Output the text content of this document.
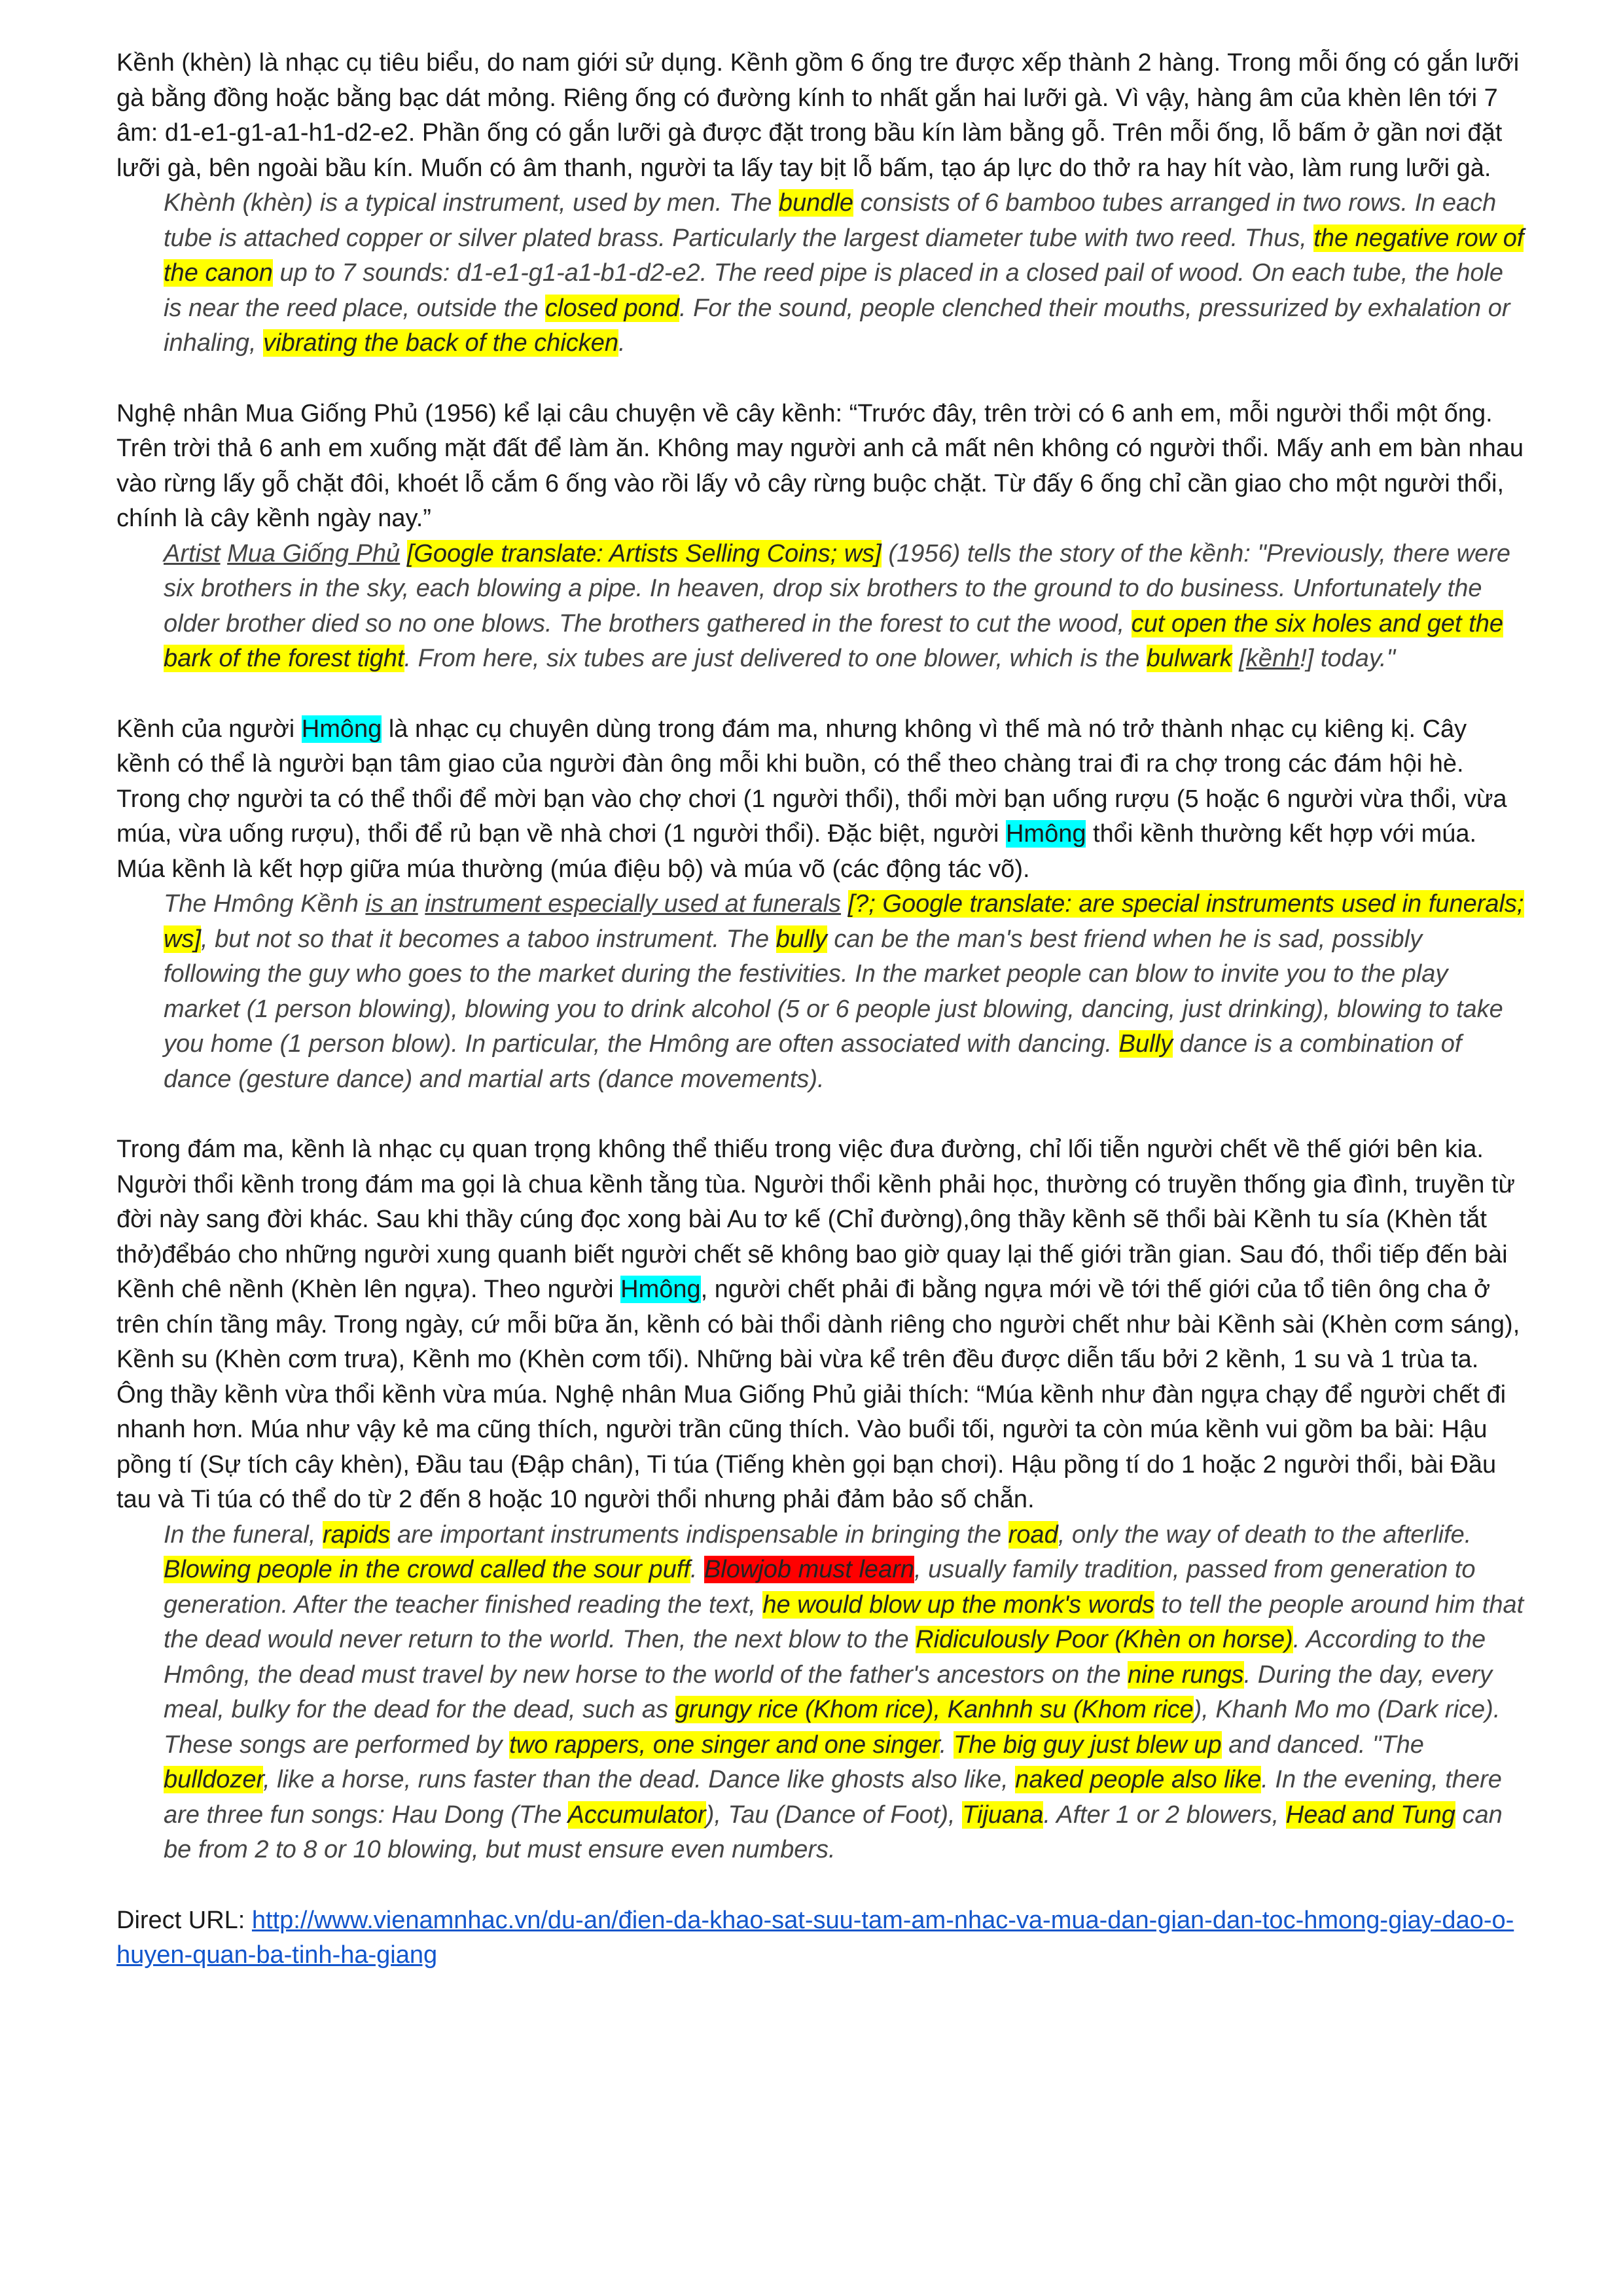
Kềnh (khèn) là nhạc cụ tiêu biểu, do nam giới sử dụng. Kềnh gồm 6 ống tre được xếp thành 2 hàng. Trong mỗi ống có gắn lưỡi gà bằng đồng hoặc bằng bạc dát mỏng. Riêng ống có đường kính to nhất gắn hai lưỡi gà. Vì vậy, hàng âm của khèn lên tới 7 âm: d1-e1-g1-a1-h1-d2-e2. Phần ống có gắn lưỡi gà được đặt trong bầu kín làm bằng gỗ. Trên mỗi ống, lỗ bấm ở gần nơi đặt lưỡi gà, bên ngoài bầu kín. Muốn có âm thanh, người ta lấy tay bịt lỗ bấm, tạo áp lực do thở ra hay hít vào, làm rung lưỡi gà.

Khènh (khèn) is a typical instrument, used by men. The bundle consists of 6 bamboo tubes arranged in two rows. In each tube is attached copper or silver plated brass. Particularly the largest diameter tube with two reed. Thus, the negative row of the canon up to 7 sounds: d1-e1-g1-a1-b1-d2-e2. The reed pipe is placed in a closed pail of wood. On each tube, the hole is near the reed place, outside the closed pond. For the sound, people clenched their mouths, pressurized by exhalation or inhaling, vibrating the back of the chicken.

Nghệ nhân Mua Giống Phủ (1956) kể lại câu chuyện về cây kềnh: “Trước đây, trên trời có 6 anh em, mỗi người thổi một ống. Trên trời thả 6 anh em xuống mặt đất để làm ăn. Không may người anh cả mất nên không có người thổi. Mấy anh em bàn nhau vào rừng lấy gỗ chặt đôi, khoét lỗ cắm 6 ống vào rồi lấy vỏ cây rừng buộc chặt. Từ đấy 6 ống chỉ cần giao cho một người thổi, chính là cây kềnh ngày nay.”

Artist Mua Giống Phủ [Google translate: Artists Selling Coins; ws] (1956) tells the story of the kềnh: "Previously, there were six brothers in the sky, each blowing a pipe. In heaven, drop six brothers to the ground to do business. Unfortunately the older brother died so no one blows. The brothers gathered in the forest to cut the wood, cut open the six holes and get the bark of the forest tight. From here, six tubes are just delivered to one blower, which is the bulwark [kềnh!] today."

Kềnh của người Hmông là nhạc cụ chuyên dùng trong đám ma, nhưng không vì thế mà nó trở thành nhạc cụ kiêng kị. Cây kềnh có thể là người bạn tâm giao của người đàn ông mỗi khi buồn, có thể theo chàng trai đi ra chợ trong các đám hội hè. Trong chợ người ta có thể thổi để mời bạn vào chợ chơi (1 người thổi), thổi mời bạn uống rượu (5 hoặc 6 người vừa thổi, vừa múa, vừa uống rượu), thổi để rủ bạn về nhà chơi (1 người thổi). Đặc biệt, người Hmông thổi kềnh thường kết hợp với múa. Múa kềnh là kết hợp giữa múa thường (múa điệu bộ) và múa võ (các động tác võ).

The Hmông Kềnh is an instrument especially used at funerals [?; Google translate: are special instruments used in funerals; ws], but not so that it becomes a taboo instrument. The bully can be the man's best friend when he is sad, possibly following the guy who goes to the market during the festivities. In the market people can blow to invite you to the play market (1 person blowing), blowing you to drink alcohol (5 or 6 people just blowing, dancing, just drinking), blowing to take you home (1 person blow). In particular, the Hmông are often associated with dancing. Bully dance is a combination of dance (gesture dance) and martial arts (dance movements).

Trong đám ma, kềnh là nhạc cụ quan trọng không thể thiếu trong việc đưa đường, chỉ lối tiễn người chết về thế giới bên kia. Người thổi kềnh trong đám ma gọi là chua kềnh tằng tùa. Người thổi kềnh phải học, thường có truyền thống gia đình, truyền từ đời này sang đời khác. Sau khi thầy cúng đọc xong bài Au tơ kế (Chỉ đường),ông thầy kềnh sẽ thổi bài Kềnh tu sía (Khèn tắt thở)đểbáo cho những người xung quanh biết người chết sẽ không bao giờ quay lại thế giới trần gian. Sau đó, thổi tiếp đến bài Kềnh chê nềnh (Khèn lên ngựa). Theo người Hmông, người chết phải đi bằng ngựa mới về tới thế giới của tổ tiên ông cha ở trên chín tầng mây. Trong ngày, cứ mỗi bữa ăn, kềnh có bài thổi dành riêng cho người chết như bài Kềnh sài (Khèn cơm sáng), Kềnh su (Khèn cơm trưa), Kềnh mo (Khèn cơm tối). Những bài vừa kể trên đều được diễn tấu bởi 2 kềnh, 1 su và 1 trùa ta. Ông thầy kềnh vừa thổi kềnh vừa múa. Nghệ nhân Mua Giống Phủ giải thích: “Múa kềnh như đàn ngựa chạy để người chết đi nhanh hơn. Múa như vậy kẻ ma cũng thích, người trần cũng thích. Vào buổi tối, người ta còn múa kềnh vui gồm ba bài: Hậu pồng tí (Sự tích cây khèn), Đầu tau (Đập chân), Ti túa (Tiếng khèn gọi bạn chơi). Hậu pồng tí do 1 hoặc 2 người thổi, bài Đầu tau và Ti túa có thể do từ 2 đến 8 hoặc 10 người thổi nhưng phải đảm bảo số chẵn.

In the funeral, rapids are important instruments indispensable in bringing the road, only the way of death to the afterlife. Blowing people in the crowd called the sour puff. Blowjob must learn, usually family tradition, passed from generation to generation. After the teacher finished reading the text, he would blow up the monk's words to tell the people around him that the dead would never return to the world. Then, the next blow to the Ridiculously Poor (Khèn on horse). According to the Hmông, the dead must travel by new horse to the world of the father's ancestors on the nine rungs. During the day, every meal, bulky for the dead for the dead, such as grungy rice (Khom rice), Kanhnh su (Khom rice), Khanh Mo mo (Dark rice). These songs are performed by two rappers, one singer and one singer. The big guy just blew up and danced. "The bulldozer, like a horse, runs faster than the dead. Dance like ghosts also like, naked people also like. In the evening, there are three fun songs: Hau Dong (The Accumulator), Tau (Dance of Foot), Tijuana. After 1 or 2 blowers, Head and Tung can be from 2 to 8 or 10 blowing, but must ensure even numbers.

Direct URL: http://www.vienamnhac.vn/du-an/đien-da-khao-sat-suu-tam-am-nhac-va-mua-dan-gian-dan-toc-hmong-giay-dao-o-huyen-quan-ba-tinh-ha-giang
